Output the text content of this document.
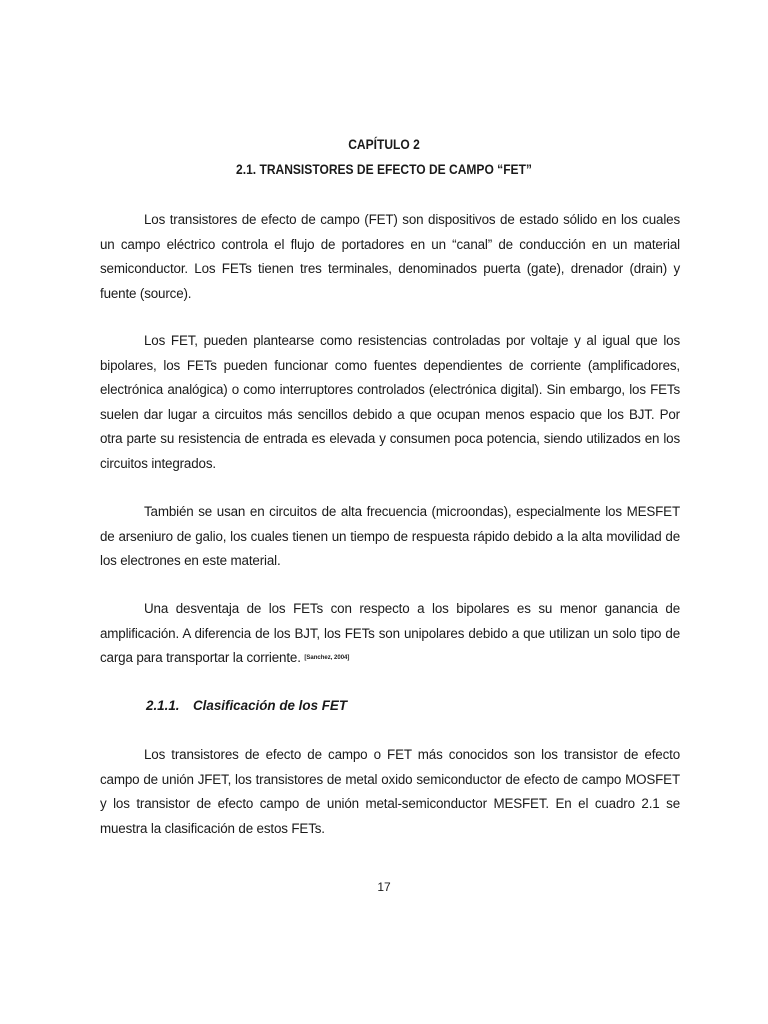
CAPÍTULO 2
2.1. TRANSISTORES DE EFECTO DE CAMPO “FET”

Los transistores de efecto de campo (FET) son dispositivos de estado sólido en los cuales un campo eléctrico controla el flujo de portadores en un “canal” de conducción en un material semiconductor. Los FETs tienen tres terminales, denominados puerta (gate), drenador (drain) y fuente (source).

Los FET, pueden plantearse como resistencias controladas por voltaje y al igual que los bipolares, los FETs pueden funcionar como fuentes dependientes de corriente (amplificadores, electrónica analógica) o como interruptores controlados (electrónica digital). Sin embargo, los FETs suelen dar lugar a circuitos más sencillos debido a que ocupan menos espacio que los BJT. Por otra parte su resistencia de entrada es elevada y consumen poca potencia, siendo utilizados en los circuitos integrados.

También se usan en circuitos de alta frecuencia (microondas), especialmente los MESFET de arseniuro de galio, los cuales tienen un tiempo de respuesta rápido debido a la alta movilidad de los electrones en este material.

Una desventaja de los FETs con respecto a los bipolares es su menor ganancia de amplificación. A diferencia de los BJT, los FETs son unipolares debido a que utilizan un solo tipo de carga para transportar la corriente. [Sanchez, 2004]

2.1.1. Clasificación de los FET

Los transistores de efecto de campo o FET más conocidos son los transistor de efecto campo de unión JFET, los transistores de metal oxido semiconductor de efecto de campo MOSFET y los transistor de efecto campo de unión metal-semiconductor MESFET. En el cuadro 2.1 se muestra la clasificación de estos FETs.

17
